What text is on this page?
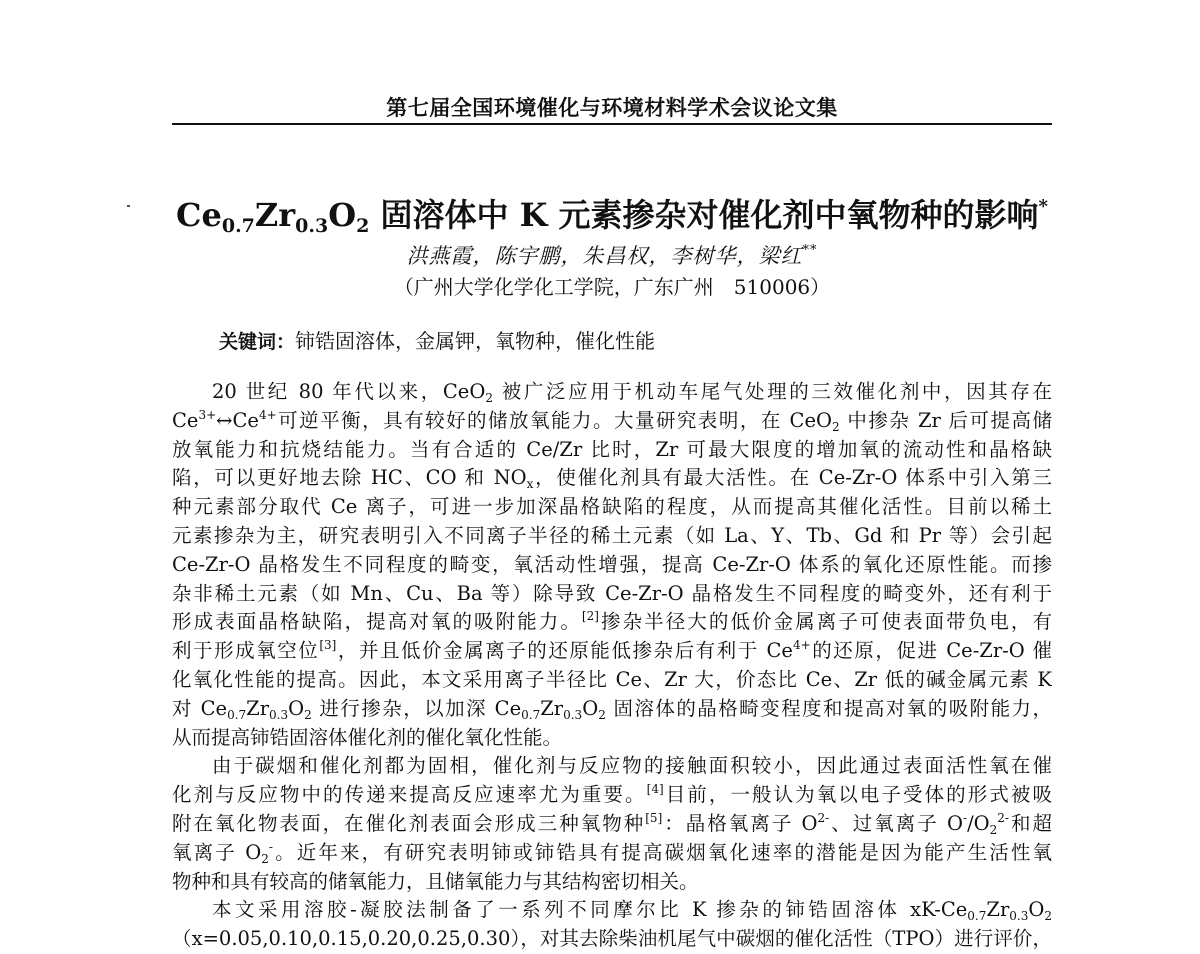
第七届全国环境催化与环境材料学术会议论文集
$Ce_{0.7}Zr_{0.3}O_2$ 固溶体中 K 元素掺杂对催化剂中氧物种的影响*
洪燕霞，陈宇鹏，朱昌权，李树华，梁红**
（广州大学化学化工学院，广东广州　510006）
关键词：铈锆固溶体，金属钾，氧物种，催化性能
20 世纪 80 年代以来，CeO$_2$ 被广泛应用于机动车尾气处理的三效催化剂中，因其存在
$Ce^{3+}\leftrightarrow Ce^{4+}$可逆平衡，具有较好的储放氧能力。大量研究表明，在 CeO$_2$ 中掺杂 Zr 后可提高储
放氧能力和抗烧结能力。当有合适的 Ce/Zr 比时，Zr 可最大限度的增加氧的流动性和晶格缺
陷，可以更好地去除 HC、CO 和 $NO_x$，使催化剂具有最大活性。在 Ce-Zr-O 体系中引入第三
种元素部分取代 Ce 离子，可进一步加深晶格缺陷的程度，从而提高其催化活性。目前以稀土
元素掺杂为主，研究表明引入不同离子半径的稀土元素（如 La、Y、Tb、Gd 和 Pr 等）会引起
Ce-Zr-O 晶格发生不同程度的畸变，氧活动性增强，提高 Ce-Zr-O 体系的氧化还原性能。而掺
杂非稀土元素（如 Mn、Cu、Ba 等）除导致 Ce-Zr-O 晶格发生不同程度的畸变外，还有利于
形成表面晶格缺陷，提高对氧的吸附能力。[2]掺杂半径大的低价金属离子可使表面带负电，有
利于形成氧空位[3]，并且低价金属离子的还原能低掺杂后有利于 $Ce^{4+}$的还原，促进 Ce-Zr-O 催
化氧化性能的提高。因此，本文采用离子半径比 Ce、Zr 大，价态比 Ce、Zr 低的碱金属元素 K
对 $Ce_{0.7}Zr_{0.3}O_2$ 进行掺杂，以加深 $Ce_{0.7}Zr_{0.3}O_2$ 固溶体的晶格畸变程度和提高对氧的吸附能力，
从而提高铈锆固溶体催化剂的催化氧化性能。
由于碳烟和催化剂都为固相，催化剂与反应物的接触面积较小，因此通过表面活性氧在催
化剂与反应物中的传递来提高反应速率尤为重要。[4]目前，一般认为氧以电子受体的形式被吸
附在氧化物表面，在催化剂表面会形成三种氧物种[5]：晶格氧离子 $O^{2-}$、过氧离子 $O^-/O_2^{2-}$和超
氧离子 $O_2^-$。近年来，有研究表明铈或铈锆具有提高碳烟氧化速率的潜能是因为能产生活性氧
物种和具有较高的储氧能力，且储氧能力与其结构密切相关。
本文采用溶胶-凝胶法制备了一系列不同摩尔比 K 掺杂的铈锆固溶体 $xK-Ce_{0.7}Zr_{0.3}O_2$
（x=0.05,0.10,0.15,0.20,0.25,0.30），对其去除柴油机尾气中碳烟的催化活性（TPO）进行评价，
